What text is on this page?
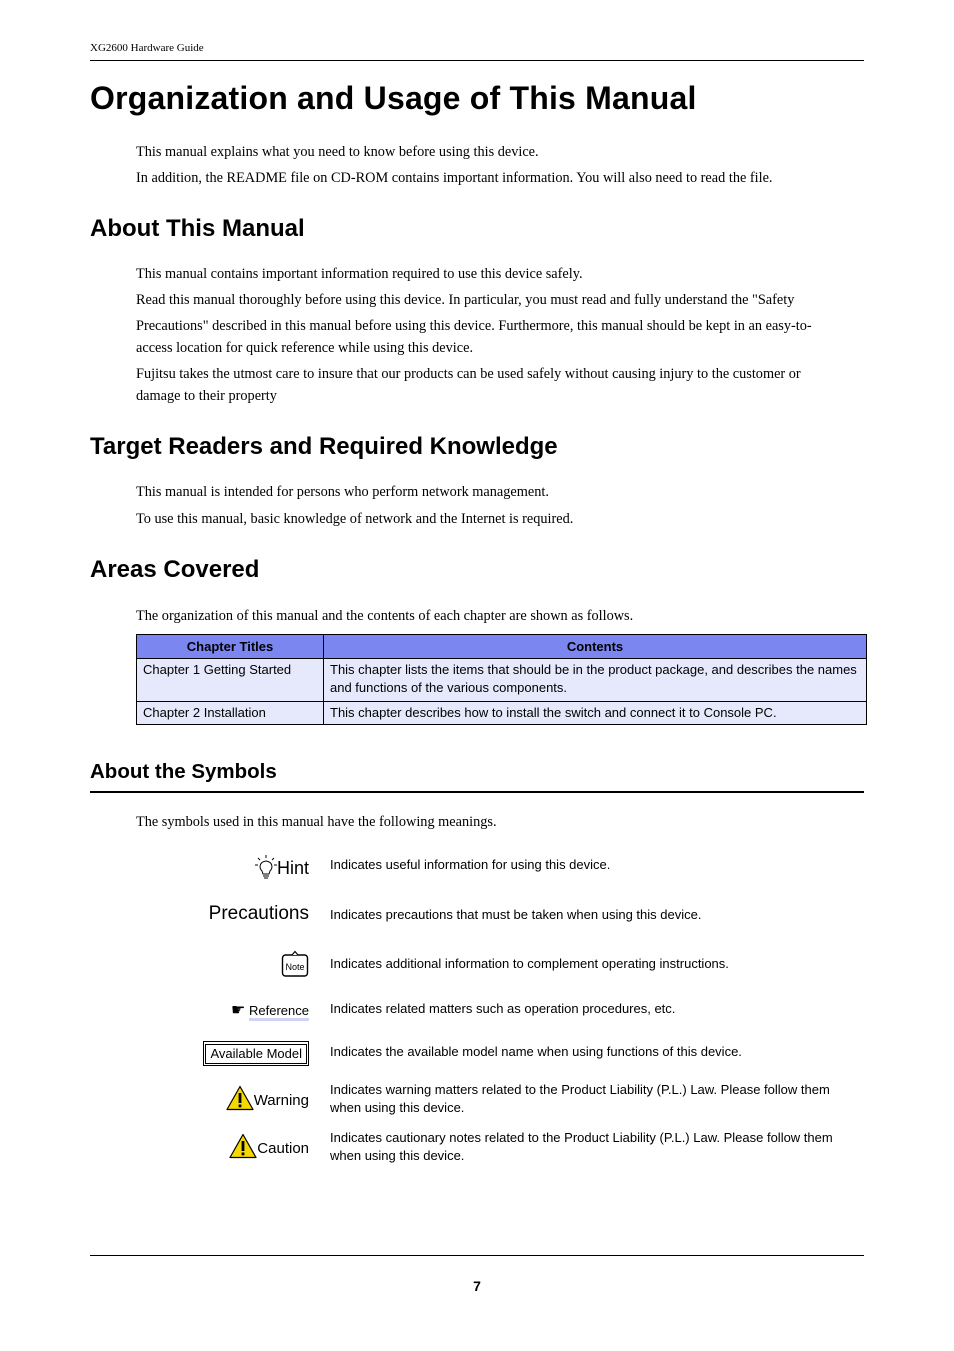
XG2600 Hardware Guide
Organization and Usage of This Manual

This manual explains what you need to know before using this device.

In addition, the README file on CD-ROM contains important information. You will also need to read the file.

About This Manual

This manual contains important information required to use this device safely.

Read this manual thoroughly before using this device. In particular, you must read and fully understand the "Safety

Precautions" described in this manual before using this device. Furthermore, this manual should be kept in an easy-to-access location for quick reference while using this device.

Fujitsu takes the utmost care to insure that our products can be used safely without causing injury to the customer or damage to their property

Target Readers and Required Knowledge

This manual is intended for persons who perform network management.

To use this manual, basic knowledge of network and the Internet is required.

Areas Covered

The organization of this manual and the contents of each chapter are shown as follows.

Chapter Titles	Contents
Chapter 1 Getting Started	This chapter lists the items that should be in the product package, and describes the names and functions of the various components.
Chapter 2 Installation	This chapter describes how to install the switch and connect it to Console PC.
About the Symbols

The symbols used in this manual have the following meanings.

Hint Indicates useful information for using this device.
Precautions Indicates precautions that must be taken when using this device.
Note Indicates additional information to complement operating instructions.
☛ Reference Indicates related matters such as operation procedures, etc.
Available Model	Indicates the available model name when using functions of this device.
Warning
Indicates warning matters related to the Product Liability (P.L.) Law. Please follow them when using this device.
Caution
Indicates cautionary notes related to the Product Liability (P.L.) Law. Please follow them when using this device.
7
